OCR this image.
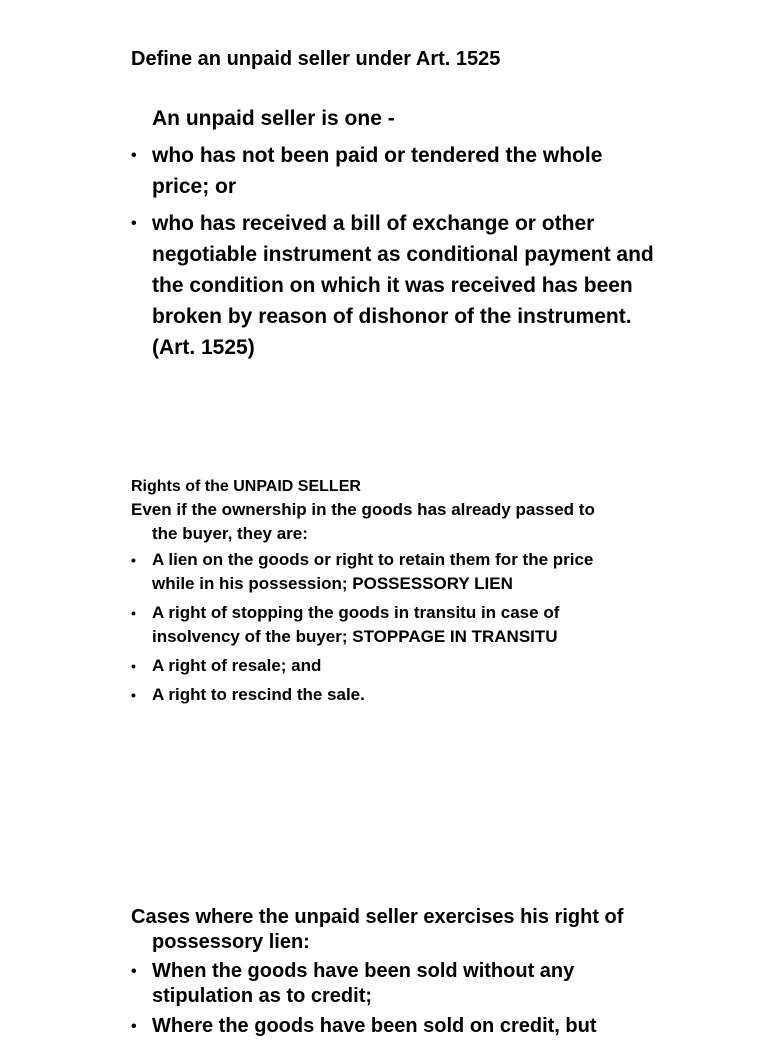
Define an unpaid seller under Art. 1525
An unpaid seller is one -
• who has not been paid or tendered the whole price; or
• who has received a bill of exchange or other negotiable instrument as conditional payment and the condition on which it was received has been broken by reason of dishonor of the instrument. (Art. 1525)
Rights of the UNPAID SELLER
Even if the ownership in the goods has already passed to the buyer, they are:
• A lien on the goods or right to retain them for the price while in his possession; POSSESSORY LIEN
• A right of stopping the goods in transitu in case of insolvency of the buyer; STOPPAGE IN TRANSITU
• A right of resale; and
• A right to rescind the sale.
Cases where the unpaid seller exercises his right of possessory lien:
• When the goods have been sold without any stipulation as to credit;
• Where the goods have been sold on credit, but
